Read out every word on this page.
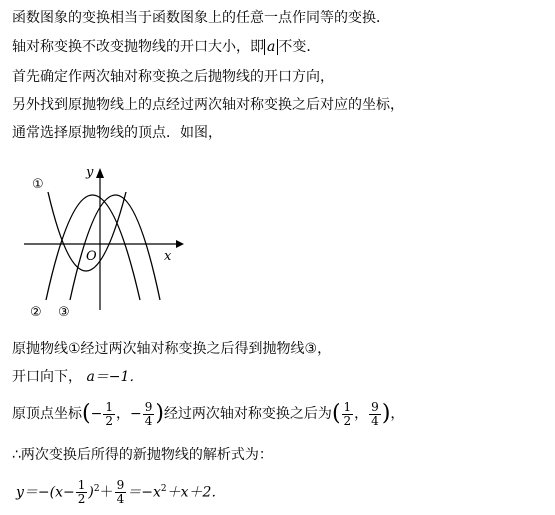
函数图象的变换相当于函数图象上的任意一点作同等的变换．
轴对称变换不改变抛物线的开口大小，即 a 不变．
首先确定作两次轴对称变换之后抛物线的开口方向，
另外找到原抛物线上的点经过两次轴对称变换之后对应的坐标，
通常选择原抛物线的顶点．如图，
①
② ③
y
x
O
原抛物线①经过两次轴对称变换之后得到抛物线③，
开口向下， a＝−1．
原顶点坐标(− $\frac{1}{2}$ ，− $\frac{9}{4}$ )经过两次轴对称变换之后为( $\frac{1}{2}$ ， $\frac{9}{4}$ )，
∴两次变换后所得的新抛物线的解析式为：
$y=-(x- \frac{1}{2} )^2+ \frac{9}{4} =-x^2+x+2$．
